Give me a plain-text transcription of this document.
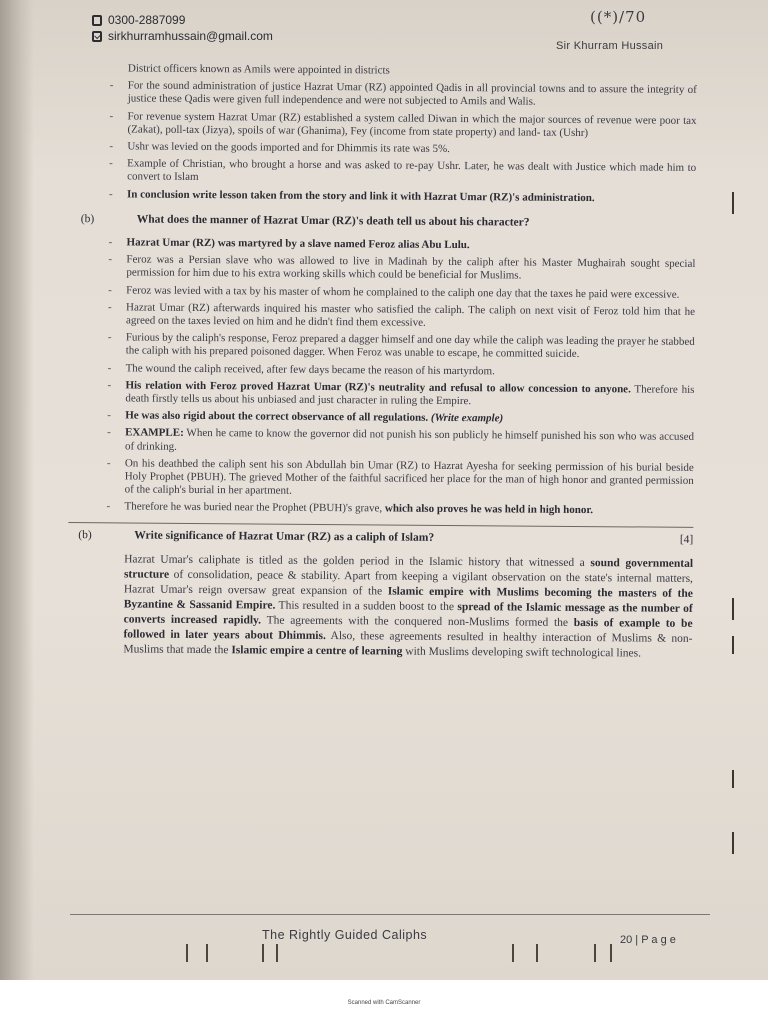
0300-2887099
sirkhurramhussain@gmail.com
((*)/70
Sir Khurram Hussain
District officers known as Amils were appointed in districts
- For the sound administration of justice Hazrat Umar (RZ) appointed Qadis in all provincial towns and to assure the integrity of justice these Qadis were given full independence and were not subjected to Amils and Walis.
- For revenue system Hazrat Umar (RZ) established a system called Diwan in which the major sources of revenue were poor tax (Zakat), poll-tax (Jizya), spoils of war (Ghanima), Fey (income from state property) and land- tax (Ushr)
- Ushr was levied on the goods imported and for Dhimmis its rate was 5%.
- Example of Christian, who brought a horse and was asked to re-pay Ushr. Later, he was dealt with Justice which made him to convert to Islam
- In conclusion write lesson taken from the story and link it with Hazrat Umar (RZ)'s administration.
(b)	What does the manner of Hazrat Umar (RZ)'s death tell us about his character?
- Hazrat Umar (RZ) was martyred by a slave named Feroz alias Abu Lulu.
- Feroz was a Persian slave who was allowed to live in Madinah by the caliph after his Master Mughairah sought special permission for him due to his extra working skills which could be beneficial for Muslims.
- Feroz was levied with a tax by his master of whom he complained to the caliph one day that the taxes he paid were excessive.
- Hazrat Umar (RZ) afterwards inquired his master who satisfied the caliph. The caliph on next visit of Feroz told him that he agreed on the taxes levied on him and he didn't find them excessive.
- Furious by the caliph's response, Feroz prepared a dagger himself and one day while the caliph was leading the prayer he stabbed the caliph with his prepared poisoned dagger. When Feroz was unable to escape, he committed suicide.
- The wound the caliph received, after few days became the reason of his martyrdom.
- His relation with Feroz proved Hazrat Umar (RZ)'s neutrality and refusal to allow concession to anyone. Therefore his death firstly tells us about his unbiased and just character in ruling the Empire.
- He was also rigid about the correct observance of all regulations. (Write example)
- EXAMPLE: When he came to know the governor did not punish his son publicly he himself punished his son who was accused of drinking.
- On his deathbed the caliph sent his son Abdullah bin Umar (RZ) to Hazrat Ayesha for seeking permission of his burial beside Holy Prophet (PBUH). The grieved Mother of the faithful sacrificed her place for the man of high honor and granted permission of the caliph's burial in her apartment.
- Therefore he was buried near the Prophet (PBUH)'s grave, which also proves he was held in high honor.
(b)	Write significance of Hazrat Umar (RZ) as a caliph of Islam?	[4]
Hazrat Umar's caliphate is titled as the golden period in the Islamic history that witnessed a sound governmental structure of consolidation, peace & stability. Apart from keeping a vigilant observation on the state's internal matters, Hazrat Umar's reign oversaw great expansion of the Islamic empire with Muslims becoming the masters of the Byzantine & Sassanid Empire. This resulted in a sudden boost to the spread of the Islamic message as the number of converts increased rapidly. The agreements with the conquered non-Muslims formed the basis of example to be followed in later years about Dhimmis. Also, these agreements resulted in healthy interaction of Muslims & non-Muslims that made the Islamic empire a centre of learning with Muslims developing swift technological lines.
The Rightly Guided Caliphs	20 | P a g e
Scanned with CamScanner
